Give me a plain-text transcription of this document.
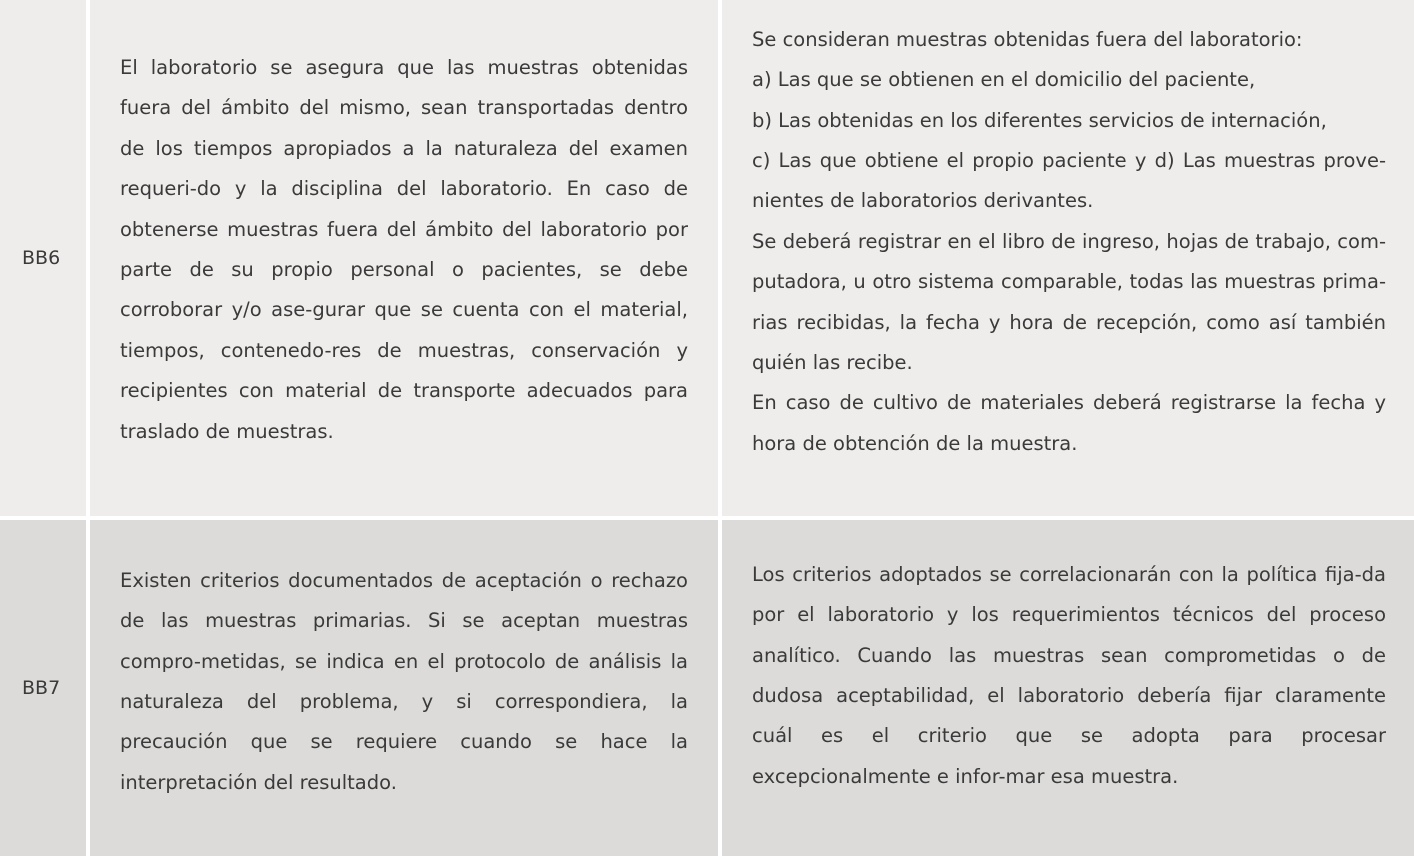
BB6
El laboratorio se asegura que las muestras obtenidas fuera del ámbito del mismo, sean transportadas dentro de los tiempos apropiados a la naturaleza del examen requeri-do y la disciplina del laboratorio. En caso de obtenerse muestras fuera del ámbito del laboratorio por parte de su propio personal o pacientes, se debe corroborar y/o ase-gurar que se cuenta con el material, tiempos, contenedo-res de muestras, conservación y recipientes con material de transporte adecuados para traslado de muestras.
Se consideran muestras obtenidas fuera del laboratorio:
a) Las que se obtienen en el domicilio del paciente,
b) Las obtenidas en los diferentes servicios de internación,
c) Las que obtiene el propio paciente y d) Las muestras prove-nientes de laboratorios derivantes.
Se deberá registrar en el libro de ingreso, hojas de trabajo, com-putadora, u otro sistema comparable, todas las muestras prima-rias recibidas, la fecha y hora de recepción, como así también quién las recibe.
En caso de cultivo de materiales deberá registrarse la fecha y hora de obtención de la muestra.
BB7
Existen criterios documentados de aceptación o rechazo de las muestras primarias. Si se aceptan muestras compro-metidas, se indica en el protocolo de análisis la naturaleza del problema, y si correspondiera, la precaución que se requiere cuando se hace la interpretación del resultado.
Los criterios adoptados se correlacionarán con la política fija-da por el laboratorio y los requerimientos técnicos del proceso analítico. Cuando las muestras sean comprometidas o de dudosa aceptabilidad, el laboratorio debería fijar claramente cuál es el criterio que se adopta para procesar excepcionalmente e infor-mar esa muestra.
